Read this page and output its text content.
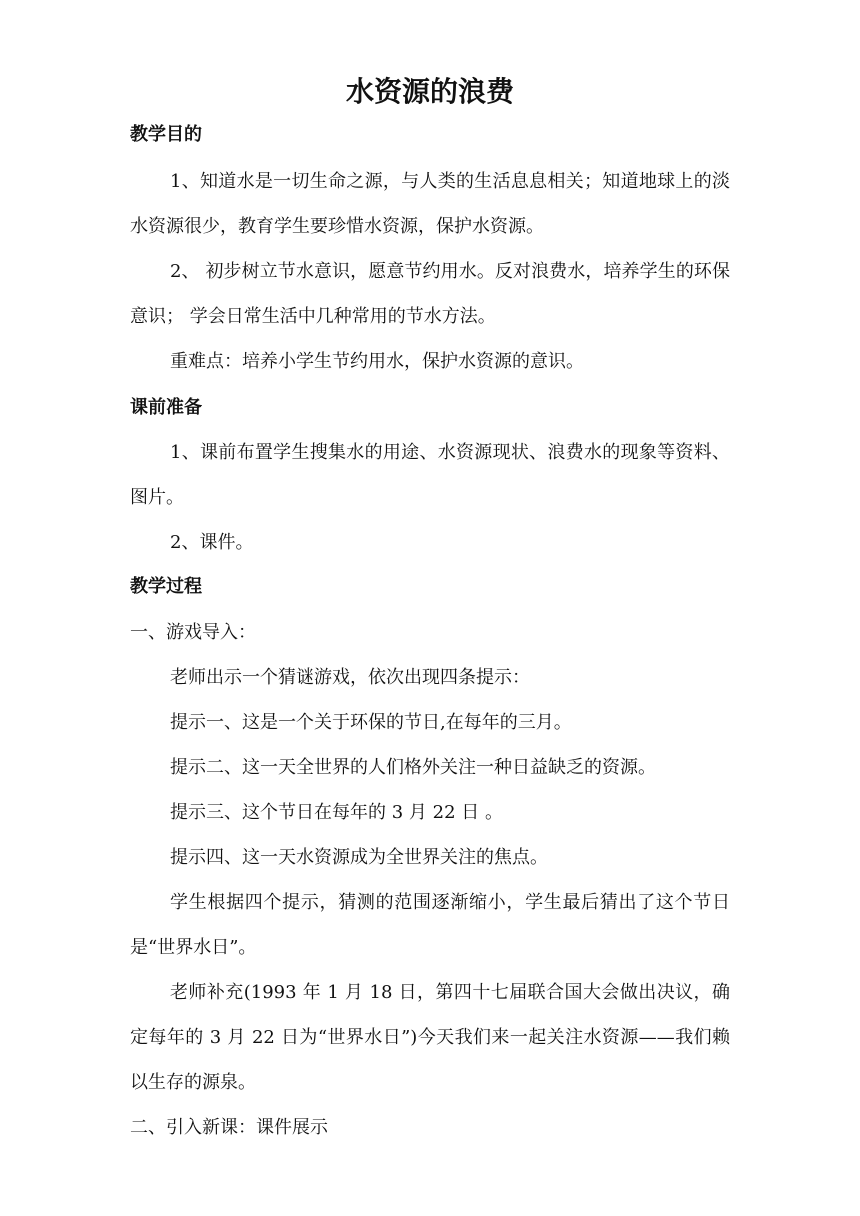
水资源的浪费
教学目的

1、知道水是一切生命之源，与人类的生活息息相关；知道地球上的淡水资源很少，教育学生要珍惜水资源，保护水资源。

2、 初步树立节水意识，愿意节约用水。反对浪费水，培养学生的环保意识； 学会日常生活中几种常用的节水方法。

重难点：培养小学生节约用水，保护水资源的意识。

课前准备

1、课前布置学生搜集水的用途、水资源现状、浪费水的现象等资料、图片。

2、课件。

教学过程

一、游戏导入：

老师出示一个猜谜游戏，依次出现四条提示：

提示一、这是一个关于环保的节日,在每年的三月。

提示二、这一天全世界的人们格外关注一种日益缺乏的资源。

提示三、这个节日在每年的 3 月 22 日 。

提示四、这一天水资源成为全世界关注的焦点。

学生根据四个提示，猜测的范围逐渐缩小，学生最后猜出了这个节日是“世界水日”。

老师补充(1993 年 1 月 18 日，第四十七届联合国大会做出决议，确定每年的 3 月 22 日为“世界水日”)今天我们来一起关注水资源——我们赖以生存的源泉。

二、引入新课：课件展示
